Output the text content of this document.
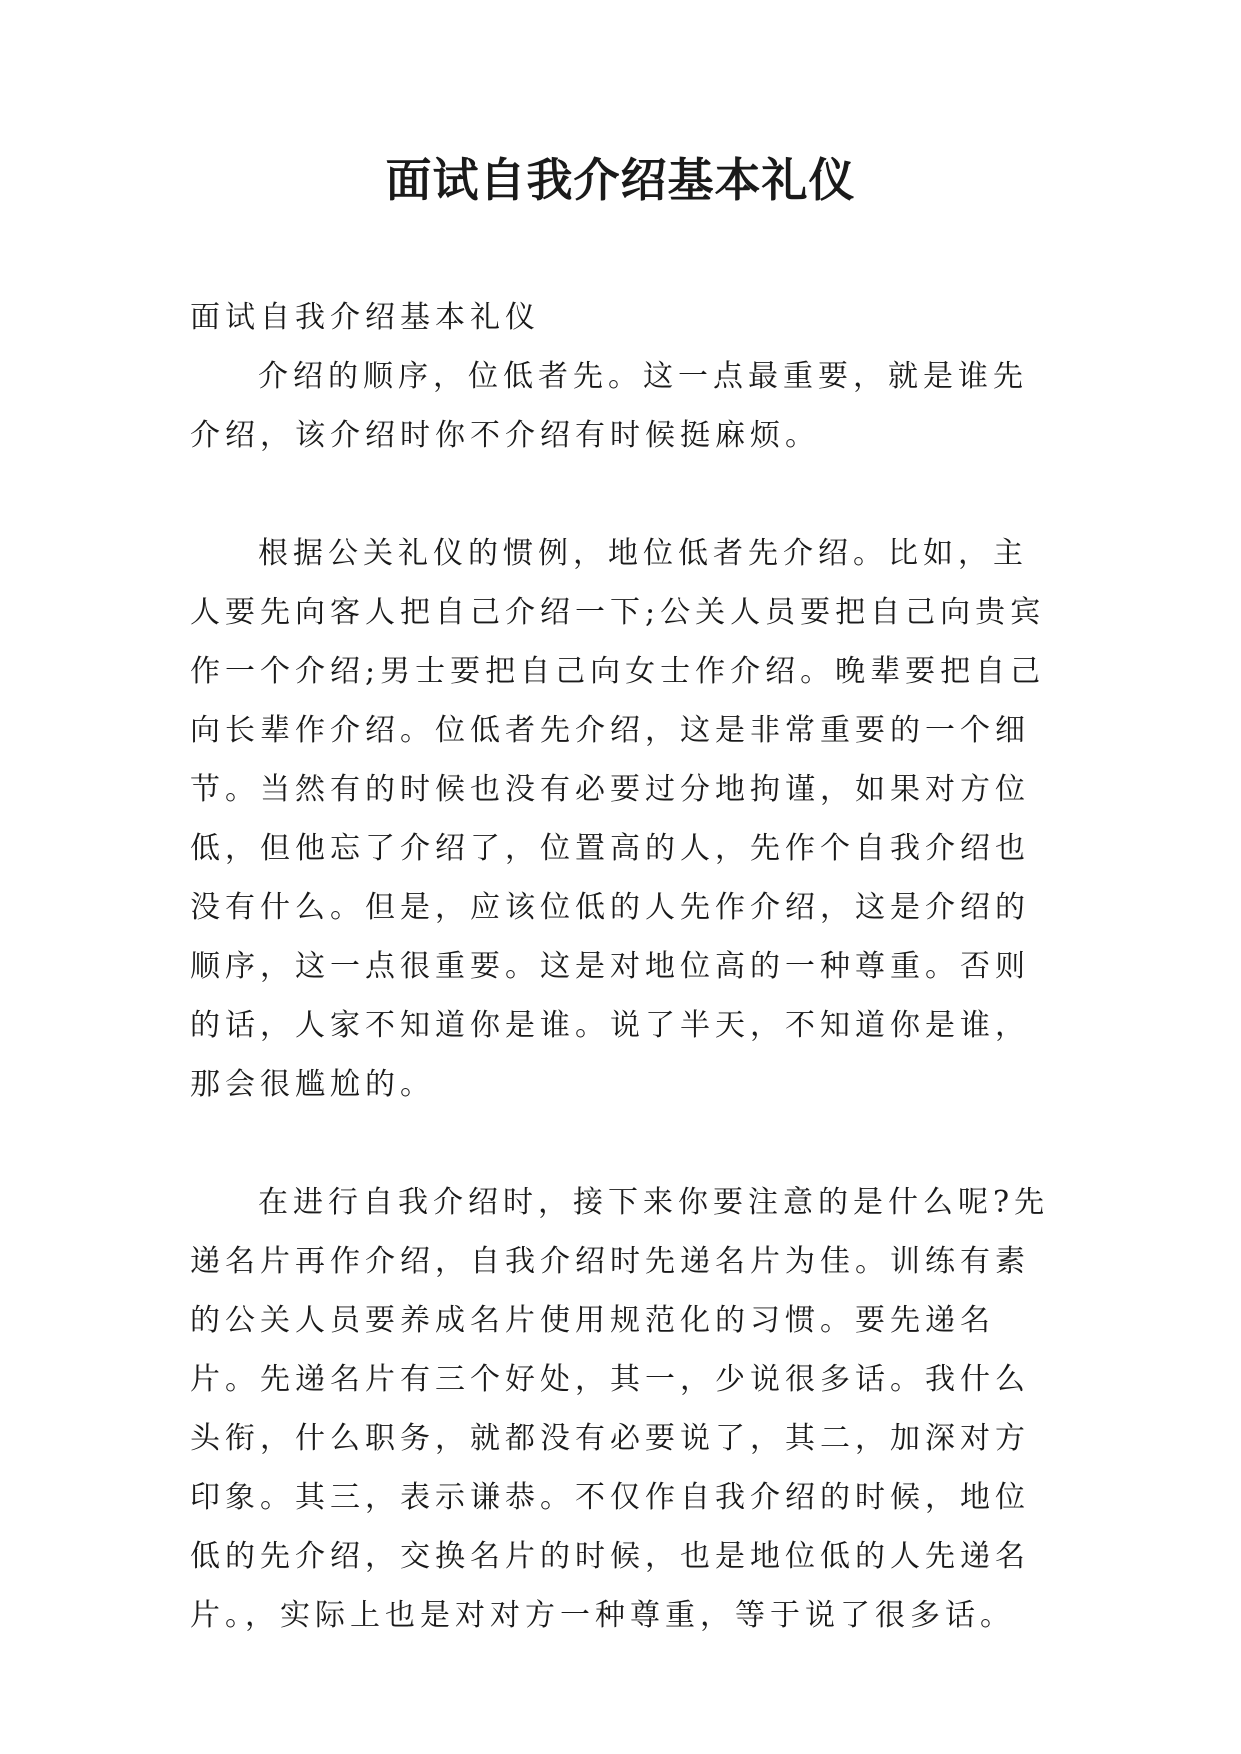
面试自我介绍基本礼仪

面试自我介绍基本礼仪

介绍的顺序，位低者先。这一点最重要，就是谁先介绍，该介绍时你不介绍有时候挺麻烦。

根据公关礼仪的惯例，地位低者先介绍。比如，主人要先向客人把自己介绍一下;公关人员要把自己向贵宾作一个介绍;男士要把自己向女士作介绍。晚辈要把自己向长辈作介绍。位低者先介绍，这是非常重要的一个细节。当然有的时候也没有必要过分地拘谨，如果对方位低，但他忘了介绍了，位置高的人，先作个自我介绍也没有什么。但是，应该位低的人先作介绍，这是介绍的顺序，这一点很重要。这是对地位高的一种尊重。否则的话，人家不知道你是谁。说了半天，不知道你是谁，那会很尴尬的。

在进行自我介绍时，接下来你要注意的是什么呢?先递名片再作介绍，自我介绍时先递名片为佳。训练有素的公关人员要养成名片使用规范化的习惯。要先递名片。先递名片有三个好处，其一，少说很多话。我什么头衔，什么职务，就都没有必要说了，其二，加深对方印象。其三，表示谦恭。不仅作自我介绍的时候，地位低的先介绍，交换名片的时候，也是地位低的人先递名片。，实际上也是对对方一种尊重，等于说了很多话。
